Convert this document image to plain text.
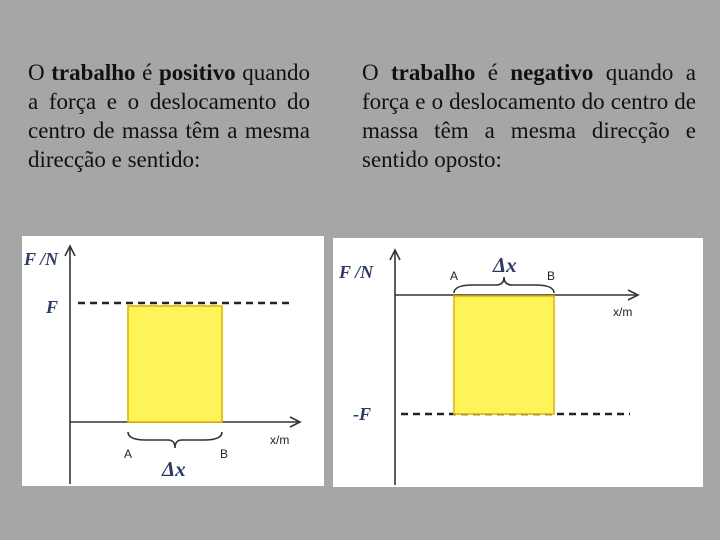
O trabalho é positivo quando a força e o deslocamento do centro de massa têm a mesma direcção e sentido:

O trabalho é negativo quando a força e o deslocamento do centro de massa têm a mesma direcção e sentido oposto:

F /N
F
x/m
A	B
Δx
F /N
-F
x/m
A	B
Δx
